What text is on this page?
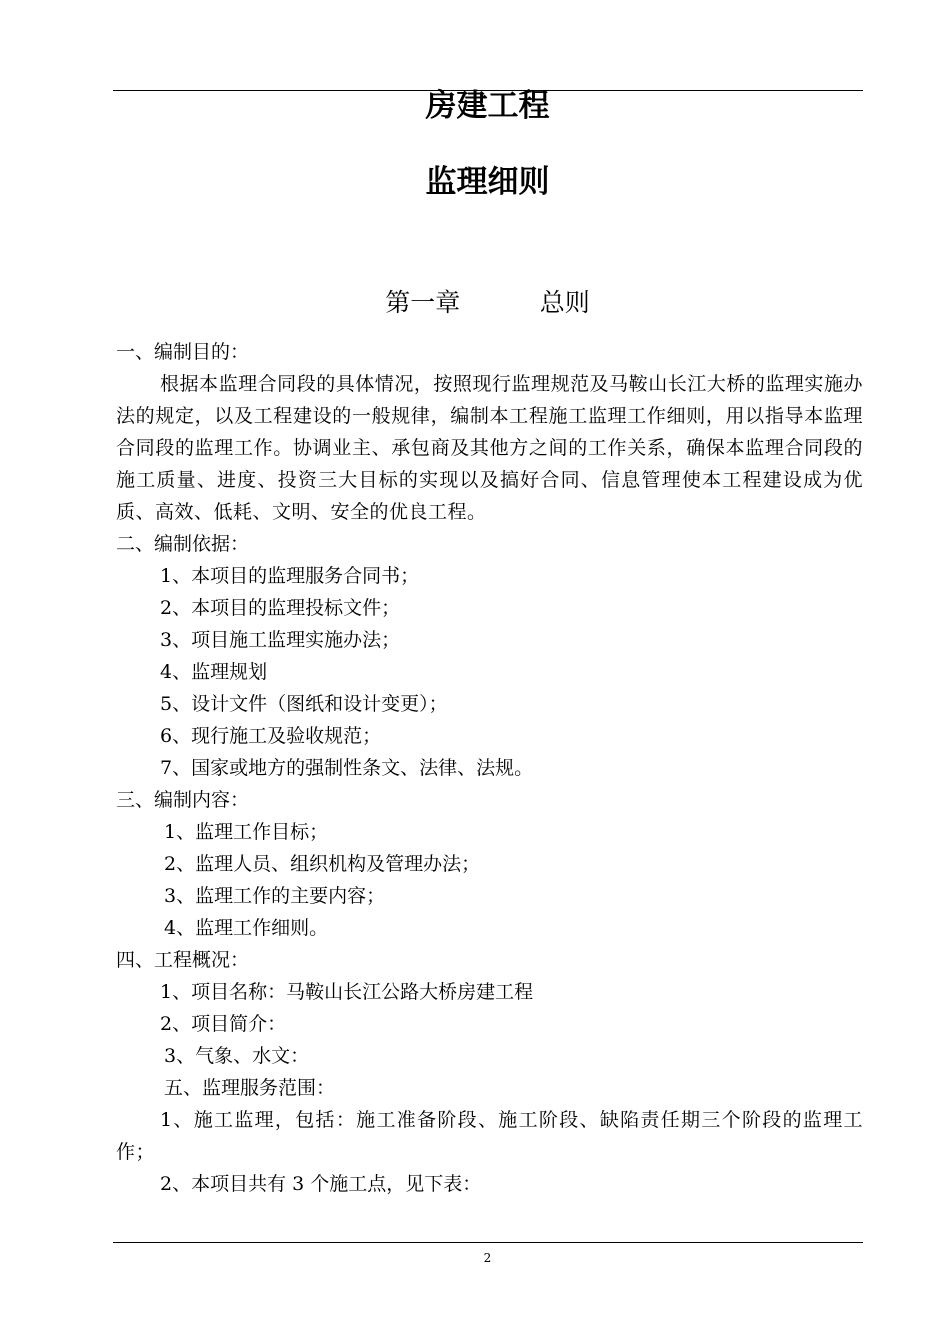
房建工程
监理细则
第一章          总则

一、编制目的：

根据本监理合同段的具体情况，按照现行监理规范及马鞍山长江大桥的监理实施办法的规定，以及工程建设的一般规律，编制本工程施工监理工作细则，用以指导本监理合同段的监理工作。协调业主、承包商及其他方之间的工作关系，确保本监理合同段的施工质量、进度、投资三大目标的实现以及搞好合同、信息管理使本工程建设成为优质、高效、低耗、文明、安全的优良工程。

二、编制依据：

1、本项目的监理服务合同书；

2、本项目的监理投标文件；

3、项目施工监理实施办法；

4、监理规划

5、设计文件（图纸和设计变更）；

6、现行施工及验收规范；

7、国家或地方的强制性条文、法律、法规。

三、编制内容：

1、监理工作目标；

2、监理人员、组织机构及管理办法；

3、监理工作的主要内容；

4、监理工作细则。

四、工程概况：

1、项目名称：马鞍山长江公路大桥房建工程

2、项目简介：

3、气象、水文：

五、监理服务范围：

1、施工监理，包括：施工准备阶段、施工阶段、缺陷责任期三个阶段的监理工作；

2、本项目共有 3 个施工点，见下表：

2
